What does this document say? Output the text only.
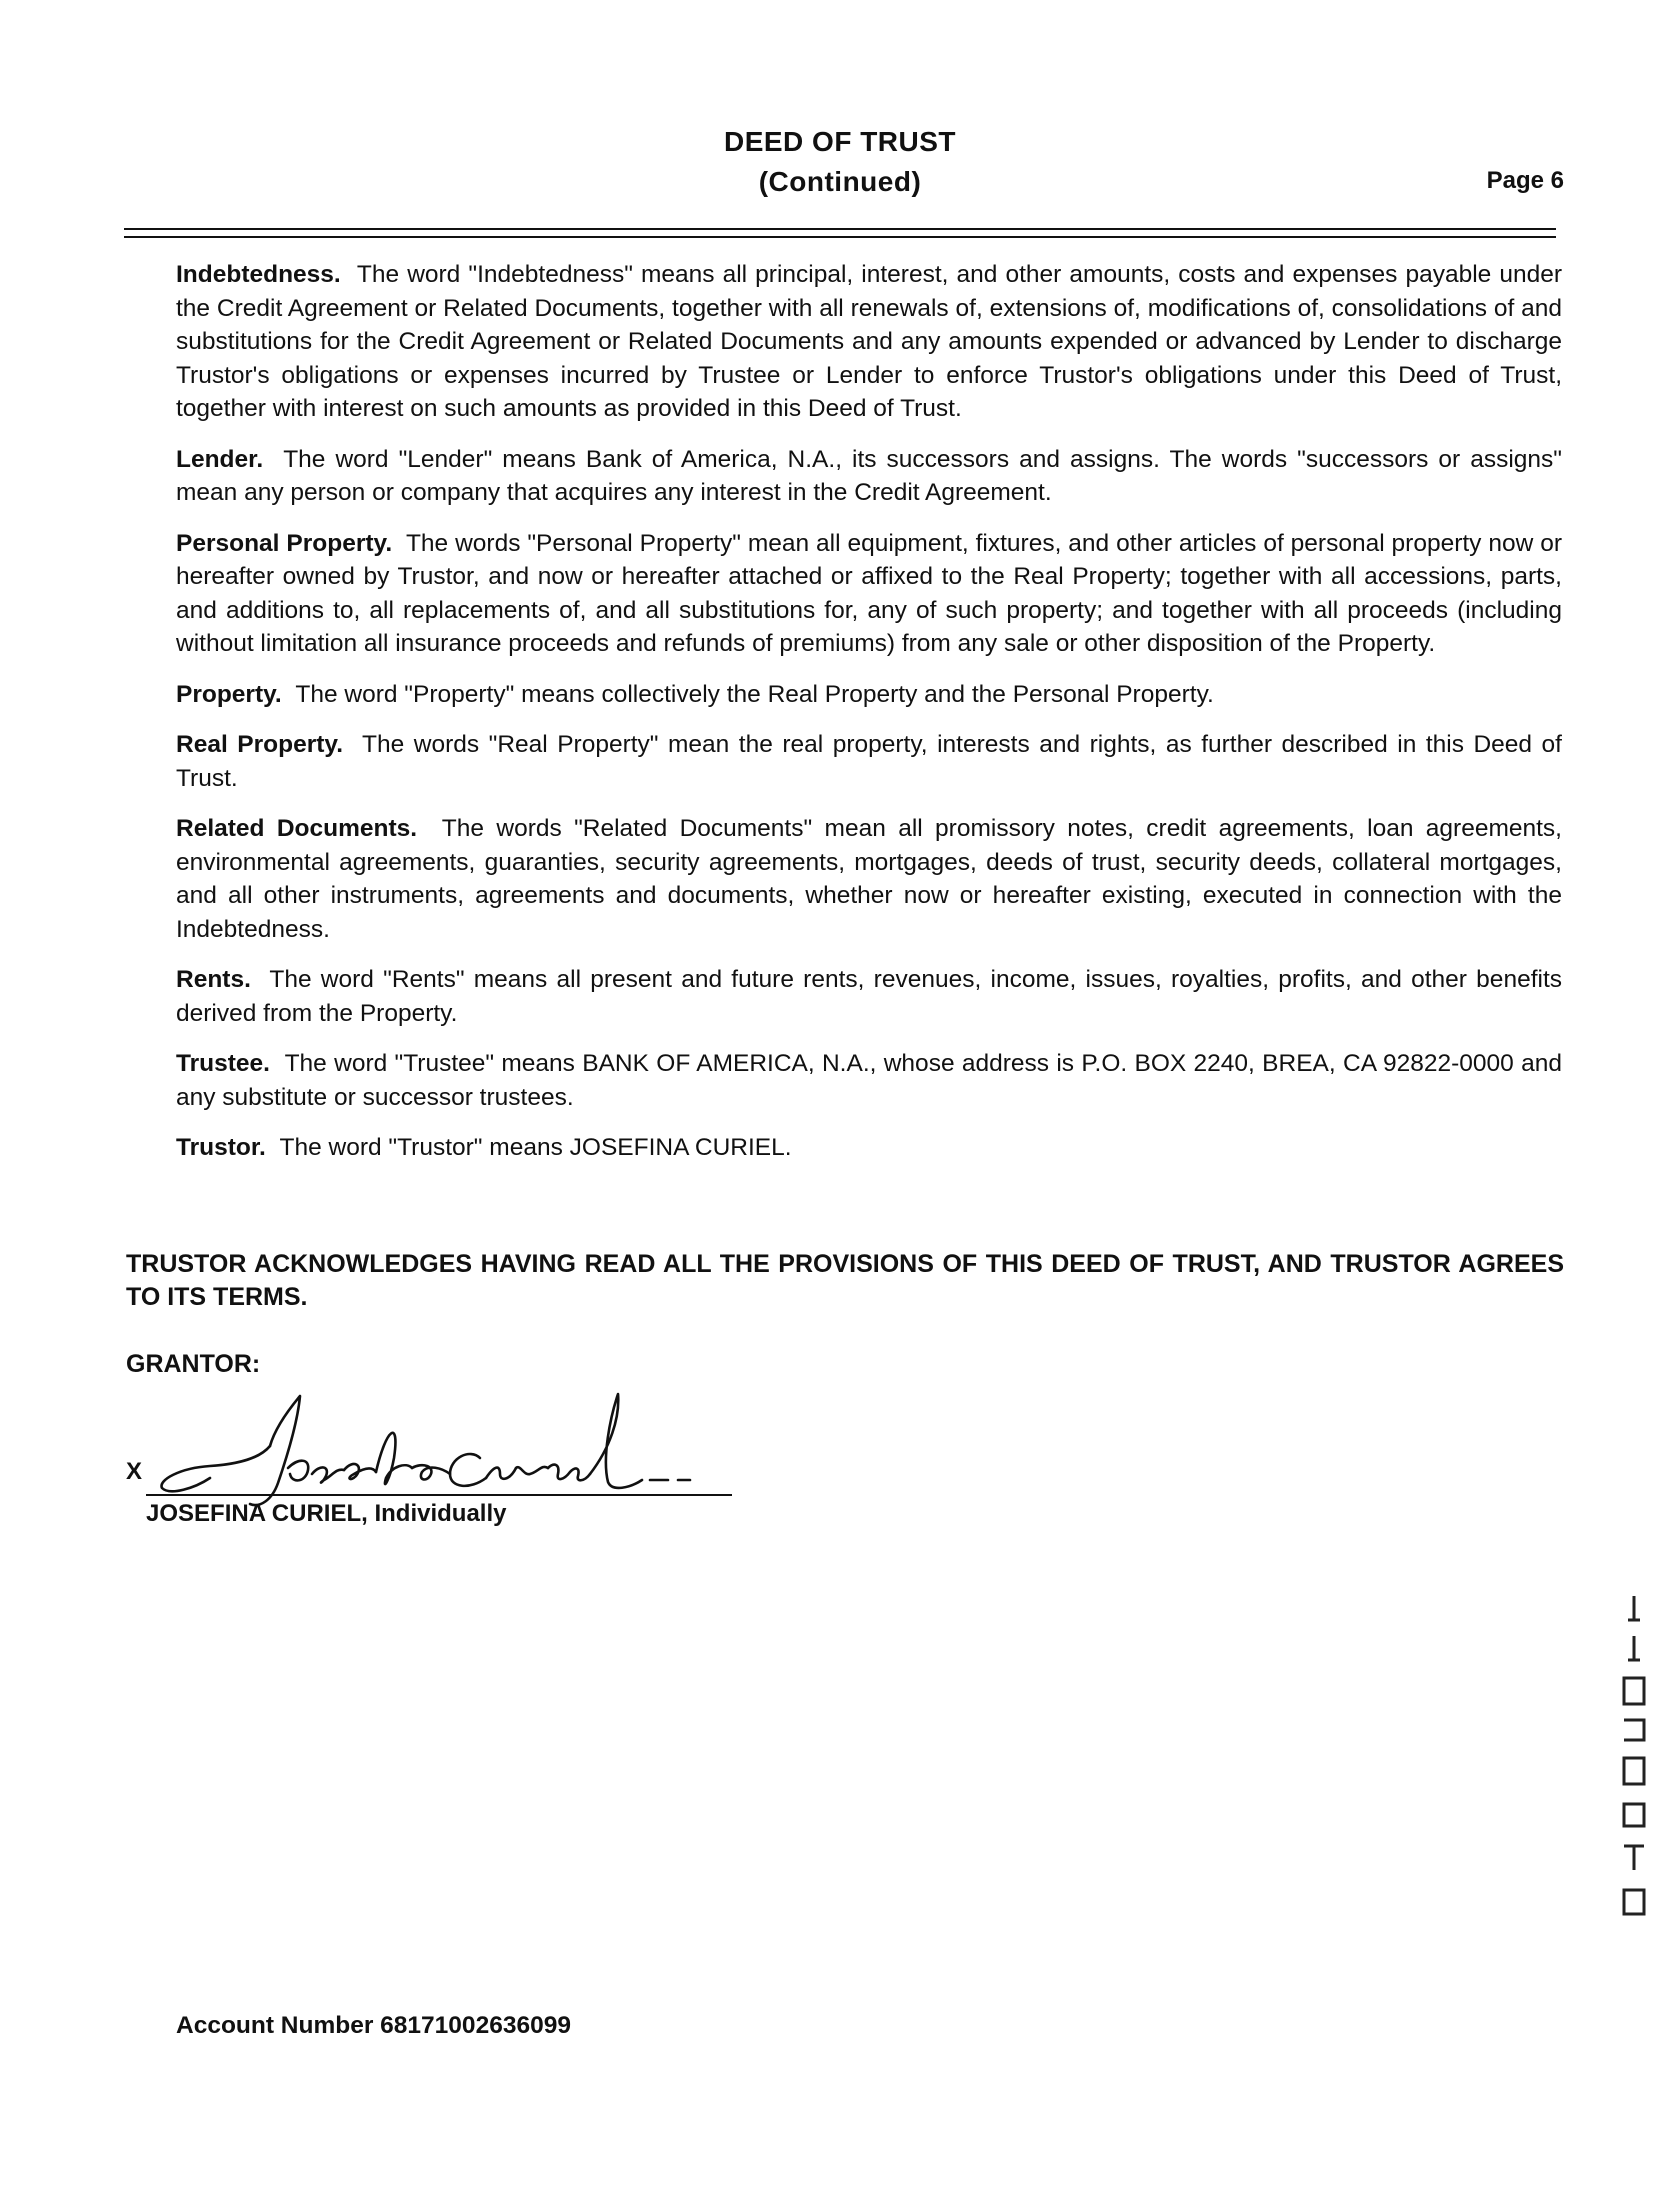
DEED OF TRUST
(Continued)	Page 6

Indebtedness. The word "Indebtedness" means all principal, interest, and other amounts, costs and expenses payable under the Credit Agreement or Related Documents, together with all renewals of, extensions of, modifications of, consolidations of and substitutions for the Credit Agreement or Related Documents and any amounts expended or advanced by Lender to discharge Trustor's obligations or expenses incurred by Trustee or Lender to enforce Trustor's obligations under this Deed of Trust, together with interest on such amounts as provided in this Deed of Trust.

Lender. The word "Lender" means Bank of America, N.A., its successors and assigns. The words "successors or assigns" mean any person or company that acquires any interest in the Credit Agreement.

Personal Property. The words "Personal Property" mean all equipment, fixtures, and other articles of personal property now or hereafter owned by Trustor, and now or hereafter attached or affixed to the Real Property; together with all accessions, parts, and additions to, all replacements of, and all substitutions for, any of such property; and together with all proceeds (including without limitation all insurance proceeds and refunds of premiums) from any sale or other disposition of the Property.

Property. The word "Property" means collectively the Real Property and the Personal Property.

Real Property. The words "Real Property" mean the real property, interests and rights, as further described in this Deed of Trust.

Related Documents. The words "Related Documents" mean all promissory notes, credit agreements, loan agreements, environmental agreements, guaranties, security agreements, mortgages, deeds of trust, security deeds, collateral mortgages, and all other instruments, agreements and documents, whether now or hereafter existing, executed in connection with the Indebtedness.

Rents. The word "Rents" means all present and future rents, revenues, income, issues, royalties, profits, and other benefits derived from the Property.

Trustee. The word "Trustee" means BANK OF AMERICA, N.A., whose address is P.O. BOX 2240, BREA, CA 92822-0000 and any substitute or successor trustees.

Trustor. The word "Trustor" means JOSEFINA CURIEL.

TRUSTOR ACKNOWLEDGES HAVING READ ALL THE PROVISIONS OF THIS DEED OF TRUST, AND TRUSTOR AGREES TO ITS TERMS.
GRANTOR:
X
JOSEFINA CURIEL, Individually
Account Number 68171002636099
